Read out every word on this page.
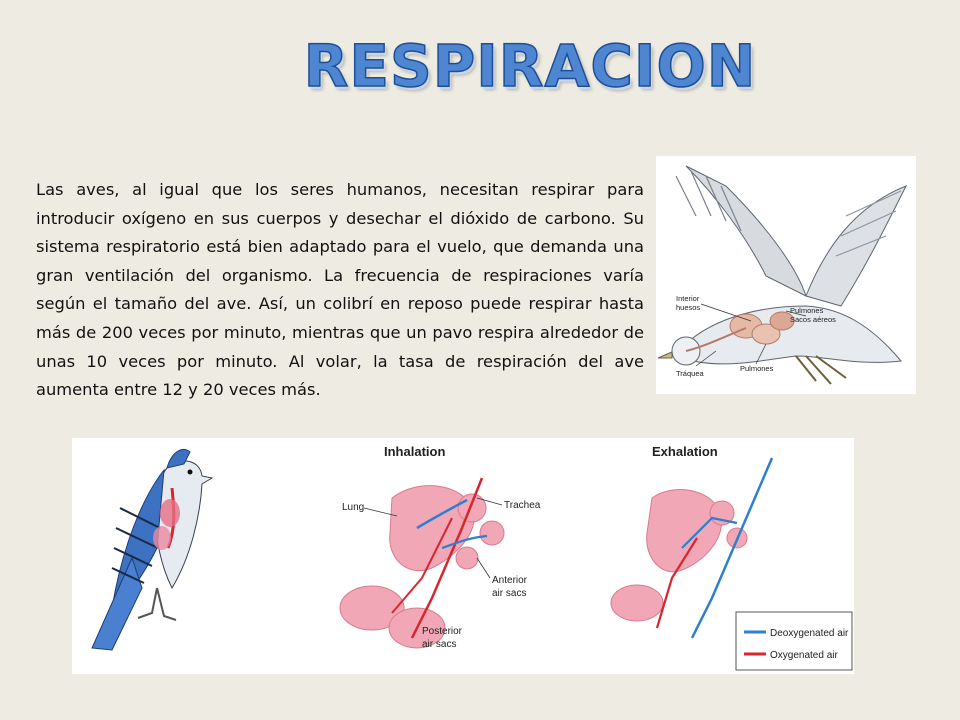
RESPIRACION

Las aves, al igual que los seres humanos, necesitan respirar para introducir oxígeno en sus cuerpos y desechar el dióxido de carbono. Su sistema respiratorio está bien adaptado para el vuelo, que demanda una gran ventilación del organismo. La frecuencia de respiraciones varía según el tamaño del ave. Así, un colibrí en reposo puede respirar hasta más de 200 veces por minuto, mientras que un pavo respira alrededor de unas 10 veces por minuto. Al volar, la tasa de respiración del ave aumenta entre 12 y 20 veces más.

Interior
huesos	Pulmones
Sacos aéreos
Tráquea
Pulmones
Inhalation
Lung	Trachea
Anterior
air sacs
Posterior
air sacs
Exhalation
Deoxygenated air
Oxygenated air
